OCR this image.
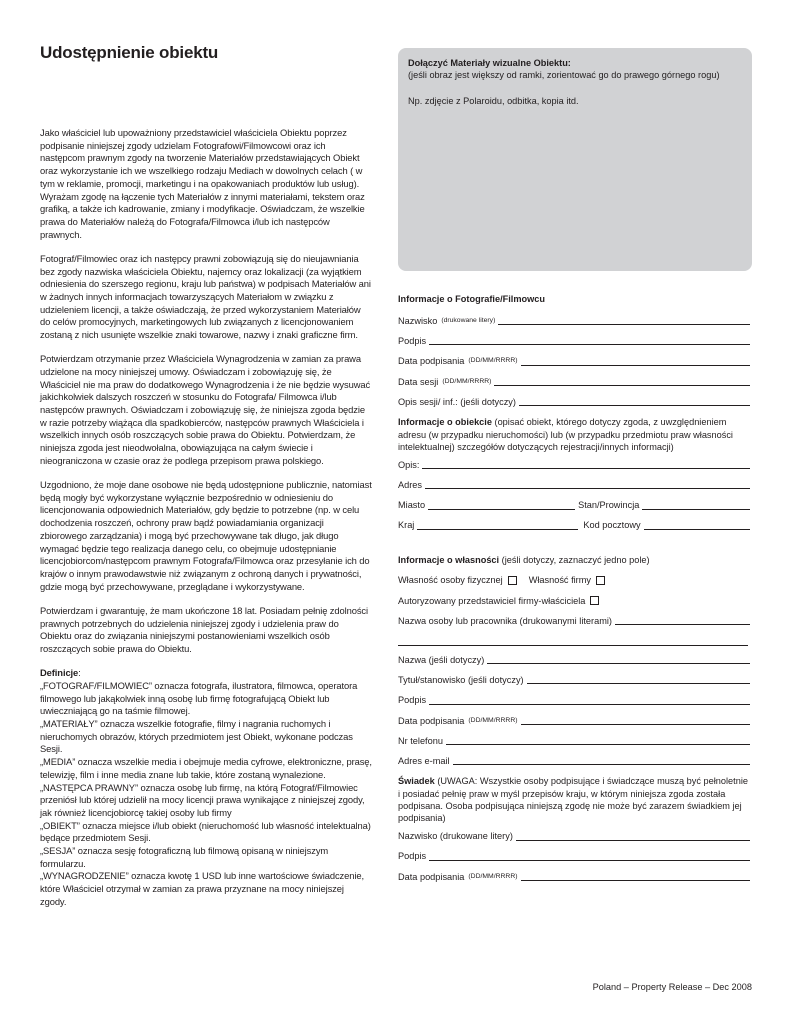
Udostępnienie obiektu

Jako właściciel lub upoważniony przedstawiciel właściciela Obiektu poprzez podpisanie niniejszej zgody udzielam Fotografowi/Filmowcowi oraz ich następcom prawnym zgody na tworzenie Materiałów przedstawiających Obiekt oraz wykorzystanie ich we wszelkiego rodzaju Mediach w dowolnych celach ( w tym w reklamie, promocji, marketingu i na opakowaniach produktów lub usług). Wyrażam zgodę na łączenie tych Materiałów z innymi materiałami, tekstem oraz grafiką, a także ich kadrowanie, zmiany i modyfikacje. Oświadczam, że wszelkie prawa do Materiałów należą do Fotografa/Filmowca i/lub ich następców prawnych.

Fotograf/Filmowiec oraz ich następcy prawni zobowiązują się do nieujawniania bez zgody nazwiska właściciela Obiektu, najemcy oraz lokalizacji (za wyjątkiem odniesienia do szerszego regionu, kraju lub państwa) w podpisach Materiałów ani w żadnych innych informacjach towarzyszących Materiałom w związku z udzieleniem licencji, a także oświadczają, że przed wykorzystaniem Materiałów do celów promocyjnych, marketingowych lub związanych z licencjonowaniem zostaną z nich usunięte wszelkie znaki towarowe, nazwy i znaki graficzne firm.

Potwierdzam otrzymanie przez Właściciela Wynagrodzenia w zamian za prawa udzielone na mocy niniejszej umowy. Oświadczam i zobowiązuję się, że Właściciel nie ma praw do dodatkowego Wynagrodzenia i że nie będzie wysuwać jakichkolwiek dalszych roszczeń w stosunku do Fotografa/ Filmowca i/lub następców prawnych. Oświadczam i zobowiązuję się, że niniejsza zgoda będzie w razie potrzeby wiążąca dla spadkobierców, następców prawnych Właściciela i wszelkich innych osób roszczących sobie prawa do Obiektu. Potwierdzam, że niniejsza zgoda jest nieodwołalna, obowiązująca na całym świecie i nieograniczona w czasie oraz że podlega przepisom prawa polskiego.

Uzgodniono, że moje dane osobowe nie będą udostępnione publicznie, natomiast będą mogły być wykorzystane wyłącznie bezpośrednio w odniesieniu do licencjonowania odpowiednich Materiałów, gdy będzie to potrzebne (np. w celu dochodzenia roszczeń, ochrony praw bądź powiadamiania organizacji zbiorowego zarządzania) i mogą być przechowywane tak długo, jak długo wymagać będzie tego realizacja danego celu, co obejmuje udostępnianie licencjobiorcom/następcom prawnym Fotografa/Filmowca oraz przesyłanie ich do krajów o innym prawodawstwie niż związanym z ochroną danych i prywatności, gdzie mogą być przechowywane, przeglądane i wykorzystywane.

Potwierdzam i gwarantuję, że mam ukończone 18 lat. Posiadam pełnię zdolności prawnych potrzebnych do udzielenia niniejszej zgody i udzielenia praw do Obiektu oraz do związania niniejszymi postanowieniami wszelkich osób roszczących sobie prawa do Obiektu.

Definicje:

„FOTOGRAF/FILMOWIEC” oznacza fotografa, ilustratora, filmowca, operatora filmowego lub jakąkolwiek inną osobę lub firmę fotografującą Obiekt lub uwieczniającą go na taśmie filmowej.

„MATERIAŁY” oznacza wszelkie fotografie, filmy i nagrania ruchomych i nieruchomych obrazów, których przedmiotem jest Obiekt, wykonane podczas Sesji.

„MEDIA” oznacza wszelkie media i obejmuje media cyfrowe, elektroniczne, prasę, telewizję, film i inne media znane lub takie, które zostaną wynalezione.

„NASTĘPCA PRAWNY” oznacza osobę lub firmę, na którą Fotograf/Filmowiec przeniósł lub której udzielił na mocy licencji prawa wynikające z niniejszej zgody, jak również licencjobiorcę takiej osoby lub firmy

„OBIEKT” oznacza miejsce i/lub obiekt (nieruchomość lub własność intelektualna) będące przedmiotem Sesji.

„SESJA” oznacza sesję fotograficzną lub filmową opisaną w niniejszym formularzu.

„WYNAGRODZENIE” oznacza kwotę 1 USD lub inne wartościowe świadczenie, które Właściciel otrzymał w zamian za prawa przyznane na mocy niniejszej zgody.

Dołączyć Materiały wizualne Obiektu:
(jeśli obraz jest większy od ramki, zorientować go do prawego górnego rogu)
Np. zdjęcie z Polaroidu, odbitka, kopia itd.
Informacje o Fotografie/Filmowcu
Nazwisko (drukowane litery)
Podpis
Data podpisania (DD/MM/RRRR)
Data sesji (DD/MM/RRRR)
Opis sesji/ inf.: (jeśli dotyczy)
Informacje o obiekcie (opisać obiekt, którego dotyczy zgoda, z uwzględnieniem adresu (w przypadku nieruchomości) lub (w przypadku przedmiotu praw własności intelektualnej) szczegółów dotyczących rejestracji/innych informacji)
Opis:
Adres
Miasto	Stan/Prowincja
Kraj	Kod pocztowy
Informacje o własności
(jeśli dotyczy, zaznaczyć jedno pole)
Własność osoby fizycznej	Własność firmy
Autoryzowany przedstawiciel firmy-właściciela
Nazwa osoby lub pracownika (drukowanymi literami)
Nazwa (jeśli dotyczy)
Tytuł/stanowisko (jeśli dotyczy)
Podpis
Data podpisania (DD/MM/RRRR)
Nr telefonu
Adres e-mail
Świadek (UWAGA: Wszystkie osoby podpisujące i świadczące muszą być pełnoletnie i posiadać pełnię praw w myśl przepisów kraju, w którym niniejsza zgoda została podpisana. Osoba podpisująca niniejszą zgodę nie może być zarazem świadkiem jej podpisania)
Nazwisko (drukowane litery)
Podpis
Data podpisania (DD/MM/RRRR)
Poland – Property Release – Dec 2008
